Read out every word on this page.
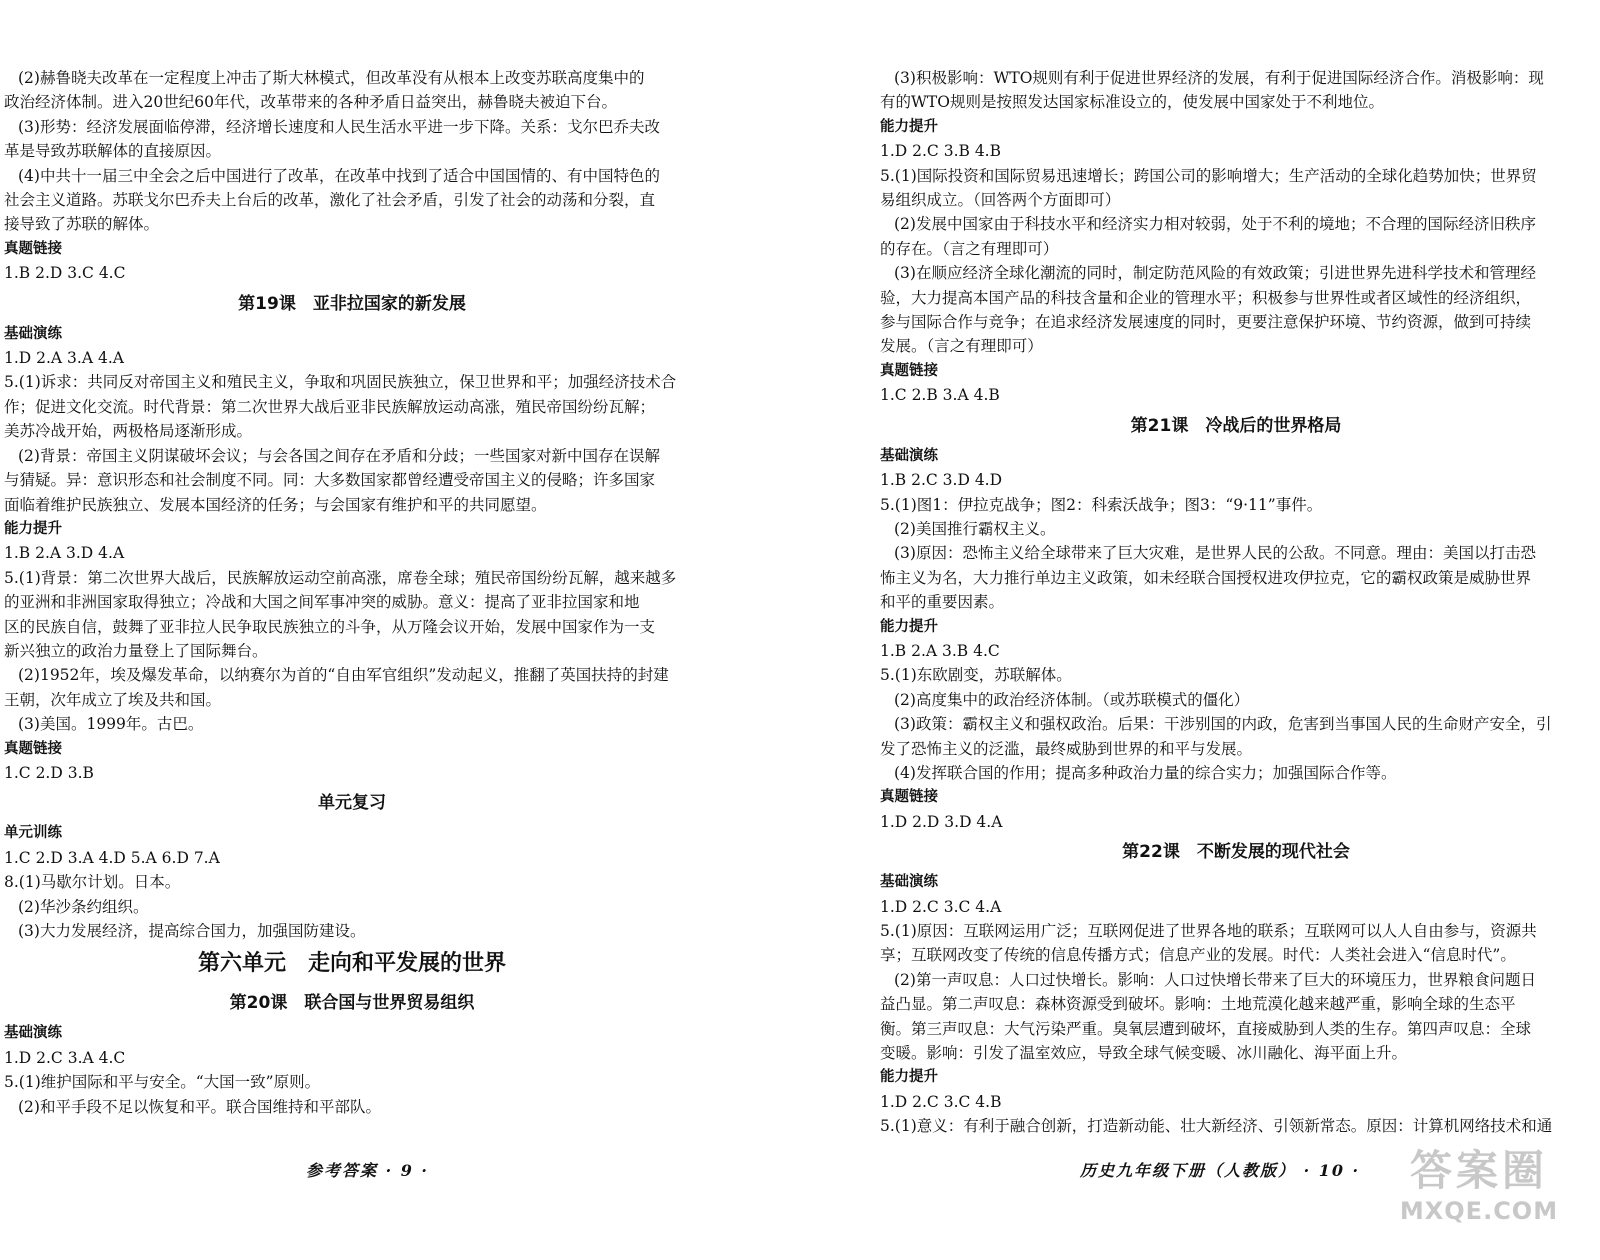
(2)赫鲁晓夫改革在一定程度上冲击了斯大林模式，但改革没有从根本上改变苏联高度集中的
政治经济体制。进入20世纪60年代，改革带来的各种矛盾日益突出，赫鲁晓夫被迫下台。
(3)形势：经济发展面临停滞，经济增长速度和人民生活水平进一步下降。关系：戈尔巴乔夫改
革是导致苏联解体的直接原因。
(4)中共十一届三中全会之后中国进行了改革，在改革中找到了适合中国国情的、有中国特色的
社会主义道路。苏联戈尔巴乔夫上台后的改革，激化了社会矛盾，引发了社会的动荡和分裂，直
接导致了苏联的解体。
真题链接
1.B 2.D 3.C 4.C
第19课　亚非拉国家的新发展
基础演练
1.D 2.A 3.A 4.A
5.(1)诉求：共同反对帝国主义和殖民主义，争取和巩固民族独立，保卫世界和平；加强经济技术合
作；促进文化交流。时代背景：第二次世界大战后亚非民族解放运动高涨，殖民帝国纷纷瓦解；
美苏冷战开始，两极格局逐渐形成。
(2)背景：帝国主义阴谋破坏会议；与会各国之间存在矛盾和分歧；一些国家对新中国存在误解
与猜疑。异：意识形态和社会制度不同。同：大多数国家都曾经遭受帝国主义的侵略；许多国家
面临着维护民族独立、发展本国经济的任务；与会国家有维护和平的共同愿望。
能力提升
1.B 2.A 3.D 4.A
5.(1)背景：第二次世界大战后，民族解放运动空前高涨，席卷全球；殖民帝国纷纷瓦解，越来越多
的亚洲和非洲国家取得独立；冷战和大国之间军事冲突的威胁。意义：提高了亚非拉国家和地
区的民族自信，鼓舞了亚非拉人民争取民族独立的斗争，从万隆会议开始，发展中国家作为一支
新兴独立的政治力量登上了国际舞台。
(2)1952年，埃及爆发革命，以纳赛尔为首的“自由军官组织”发动起义，推翻了英国扶持的封建
王朝，次年成立了埃及共和国。
(3)美国。1999年。古巴。
真题链接
1.C 2.D 3.B
单元复习
单元训练
1.C 2.D 3.A 4.D 5.A 6.D 7.A
8.(1)马歇尔计划。日本。
(2)华沙条约组织。
(3)大力发展经济，提高综合国力，加强国防建设。
第六单元　走向和平发展的世界
第20课　联合国与世界贸易组织
基础演练
1.D 2.C 3.A 4.C
5.(1)维护国际和平与安全。“大国一致”原则。
(2)和平手段不足以恢复和平。联合国维持和平部队。
参考答案 · 9 ·
(3)积极影响：WTO规则有利于促进世界经济的发展，有利于促进国际经济合作。消极影响：现
有的WTO规则是按照发达国家标准设立的，使发展中国家处于不利地位。
能力提升
1.D 2.C 3.B 4.B
5.(1)国际投资和国际贸易迅速增长；跨国公司的影响增大；生产活动的全球化趋势加快；世界贸
易组织成立。（回答两个方面即可）
(2)发展中国家由于科技水平和经济实力相对较弱，处于不利的境地；不合理的国际经济旧秩序
的存在。（言之有理即可）
(3)在顺应经济全球化潮流的同时，制定防范风险的有效政策；引进世界先进科学技术和管理经
验，大力提高本国产品的科技含量和企业的管理水平；积极参与世界性或者区域性的经济组织，
参与国际合作与竞争；在追求经济发展速度的同时，更要注意保护环境、节约资源，做到可持续
发展。（言之有理即可）
真题链接
1.C 2.B 3.A 4.B
第21课　冷战后的世界格局
基础演练
1.B 2.C 3.D 4.D
5.(1)图1：伊拉克战争；图2：科索沃战争；图3：“9·11”事件。
(2)美国推行霸权主义。
(3)原因：恐怖主义给全球带来了巨大灾难，是世界人民的公敌。不同意。理由：美国以打击恐
怖主义为名，大力推行单边主义政策，如未经联合国授权进攻伊拉克，它的霸权政策是威胁世界
和平的重要因素。
能力提升
1.B 2.A 3.B 4.C
5.(1)东欧剧变，苏联解体。
(2)高度集中的政治经济体制。（或苏联模式的僵化）
(3)政策：霸权主义和强权政治。后果：干涉别国的内政，危害到当事国人民的生命财产安全，引
发了恐怖主义的泛滥，最终威胁到世界的和平与发展。
(4)发挥联合国的作用；提高多种政治力量的综合实力；加强国际合作等。
真题链接
1.D 2.D 3.D 4.A
第22课　不断发展的现代社会
基础演练
1.D 2.C 3.C 4.A
5.(1)原因：互联网运用广泛；互联网促进了世界各地的联系；互联网可以人人自由参与，资源共
享；互联网改变了传统的信息传播方式；信息产业的发展。时代：人类社会进入“信息时代”。
(2)第一声叹息：人口过快增长。影响：人口过快增长带来了巨大的环境压力，世界粮食问题日
益凸显。第二声叹息：森林资源受到破坏。影响：土地荒漠化越来越严重，影响全球的生态平
衡。第三声叹息：大气污染严重。臭氧层遭到破坏，直接威胁到人类的生存。第四声叹息：全球
变暖。影响：引发了温室效应，导致全球气候变暖、冰川融化、海平面上升。
能力提升
1.D 2.C 3.C 4.B
5.(1)意义：有利于融合创新，打造新动能、壮大新经济、引领新常态。原因：计算机网络技术和通
历史九年级下册（人教版） · 10 ·	答案圈
MXQE.COM
